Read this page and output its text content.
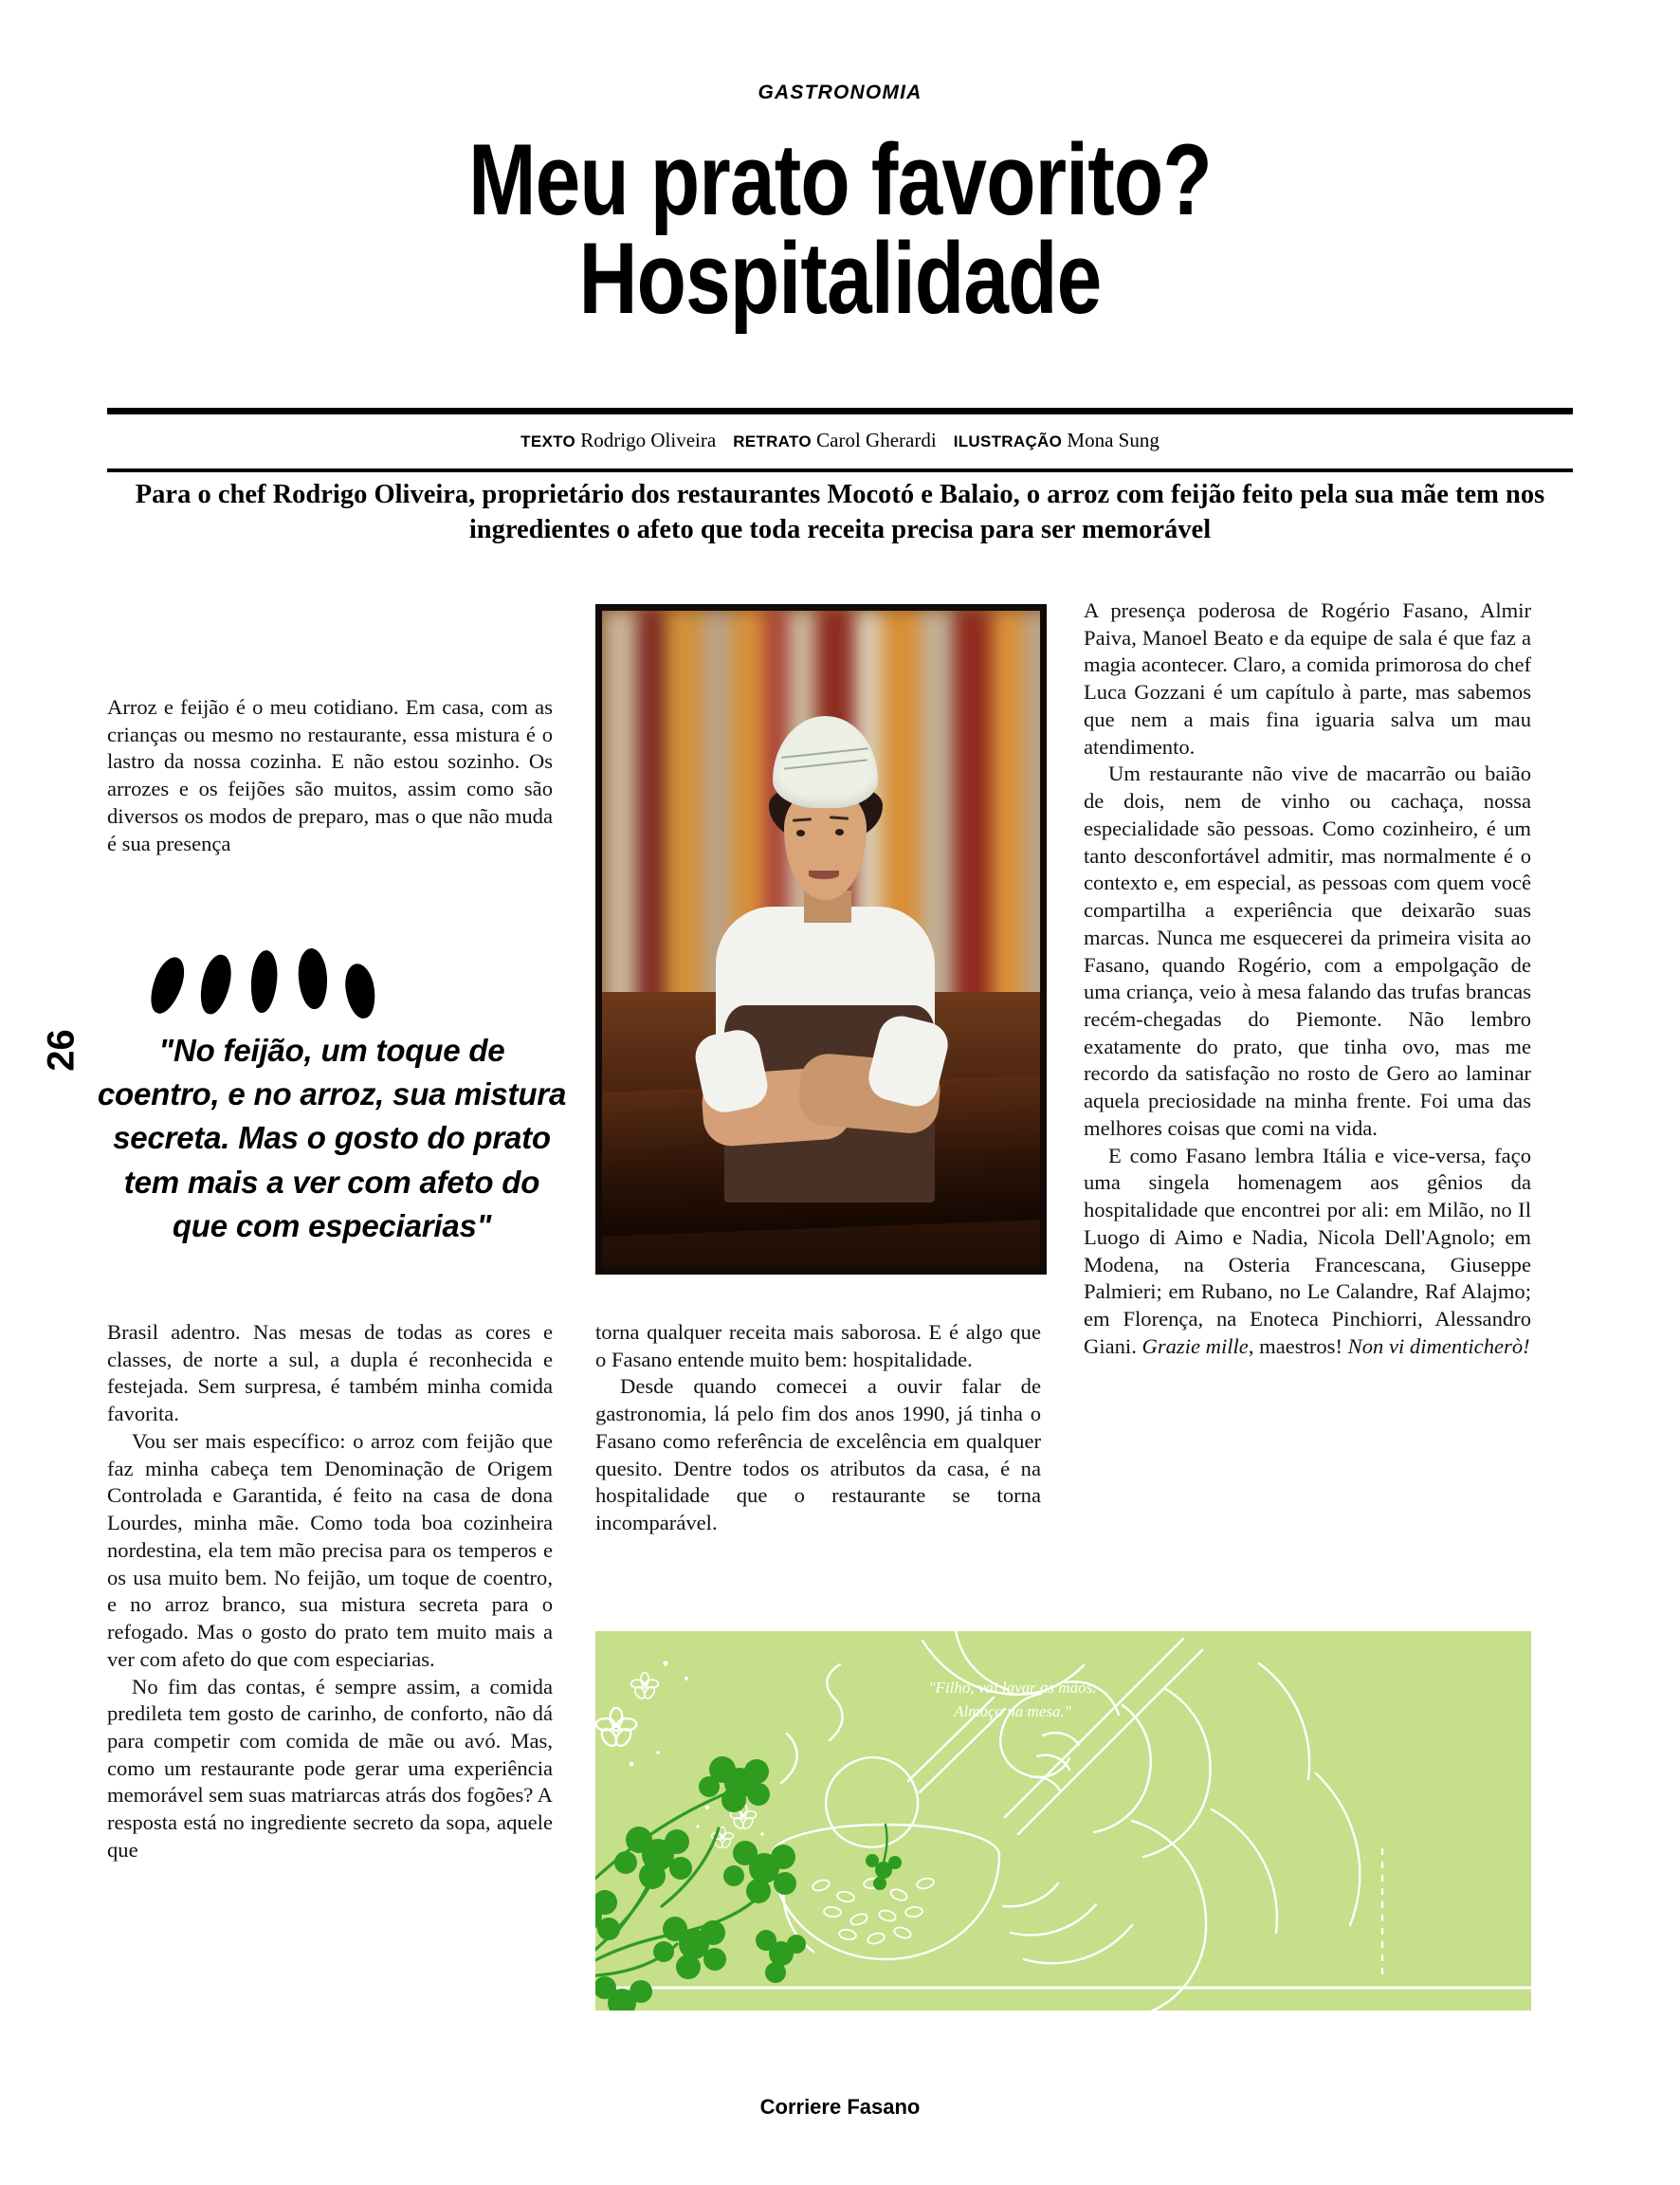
GASTRONOMIA
Meu prato favorito?
Hospitalidade
TEXTO Rodrigo Oliveira RETRATO Carol Gherardi ILUSTRAÇÃO Mona Sung
Para o chef Rodrigo Oliveira, proprietário dos restaurantes Mocotó e Balaio, o arroz com feijão feito pela sua mãe tem nos ingredientes o afeto que toda receita precisa para ser memorável
26

Arroz e feijão é o meu cotidiano. Em casa, com as crianças ou mesmo no restaurante, essa mistura é o lastro da nossa cozinha. E não estou sozinho. Os arrozes e os feijões são muitos, assim como são diversos os modos de preparo, mas o que não muda é sua presença

"No feijão, um toque de coentro, e no arroz, sua mistura secreta. Mas o gosto do prato tem mais a ver com afeto do que com especiarias"

Brasil adentro. Nas mesas de todas as cores e classes, de norte a sul, a dupla é reconhecida e festejada. Sem surpresa, é também minha comida favorita.

Vou ser mais específico: o arroz com feijão que faz minha cabeça tem Denominação de Origem Controlada e Garantida, é feito na casa de dona Lourdes, minha mãe. Como toda boa cozinheira nordestina, ela tem mão precisa para os temperos e os usa muito bem. No feijão, um toque de coentro, e no arroz branco, sua mistura secreta para o refogado. Mas o gosto do prato tem muito mais a ver com afeto do que com especiarias.

No fim das contas, é sempre assim, a comida predileta tem gosto de carinho, de conforto, não dá para competir com comida de mãe ou avó. Mas, como um restaurante pode gerar uma experiência memorável sem suas matriarcas atrás dos fogões? A resposta está no ingrediente secreto da sopa, aquele que

torna qualquer receita mais saborosa. E é algo que o Fasano entende muito bem: hospitalidade.

Desde quando comecei a ouvir falar de gastronomia, lá pelo fim dos anos 1990, já tinha o Fasano como referência de excelência em qualquer quesito. Dentre todos os atributos da casa, é na hospitalidade que o restaurante se torna incomparável.

A presença poderosa de Rogério Fasano, Almir Paiva, Manoel Beato e da equipe de sala é que faz a magia acontecer. Claro, a comida primorosa do chef Luca Gozzani é um capítulo à parte, mas sabemos que nem a mais fina iguaria salva um mau atendimento.

Um restaurante não vive de macarrão ou baião de dois, nem de vinho ou cachaça, nossa especialidade são pessoas. Como cozinheiro, é um tanto desconfortável admitir, mas normalmente é o contexto e, em especial, as pessoas com quem você compartilha a experiência que deixarão suas marcas. Nunca me esquecerei da primeira visita ao Fasano, quando Rogério, com a empolgação de uma criança, veio à mesa falando das trufas brancas recém-chegadas do Piemonte. Não lembro exatamente do prato, que tinha ovo, mas me recordo da satisfação no rosto de Gero ao laminar aquela preciosidade na minha frente. Foi uma das melhores coisas que comi na vida.

E como Fasano lembra Itália e vice-versa, faço uma singela homenagem aos gênios da hospitalidade que encontrei por ali: em Milão, no Il Luogo di Aimo e Nadia, Nicola Dell'Agnolo; em Modena, na Osteria Francescana, Giuseppe Palmieri; em Rubano, no Le Calandre, Raf Alajmo; em Florença, na Enoteca Pinchiorri, Alessandro Giani. Grazie mille, maestros! Non vi dimenticherò!

"Filho, vai lavar as mãos.
Almoço na mesa."
Corriere Fasano
